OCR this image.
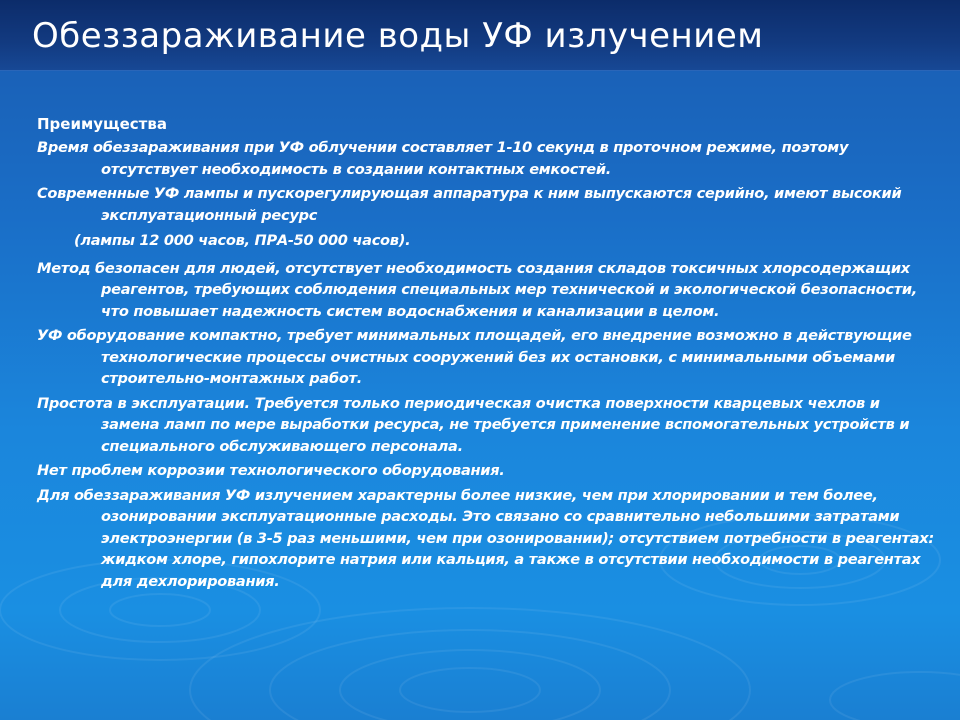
Обеззараживание воды УФ излучением

Преимущества

Время обеззараживания при УФ облучении составляет 1-10 секунд в проточном режиме, поэтому отсутствует необходимость в создании контактных емкостей.

Современные УФ лампы и пускорегулирующая аппаратура к ним выпускаются серийно, имеют высокий эксплуатационный ресурс

(лампы 12 000 часов, ПРА-50 000 часов).

Метод безопасен для людей, отсутствует необходимость создания складов токсичных хлорсодержащих реагентов, требующих соблюдения специальных мер технической и экологической безопасности, что повышает надежность систем водоснабжения и канализации в целом.

УФ оборудование компактно, требует минимальных площадей, его внедрение возможно в действующие технологические процессы очистных сооружений без их остановки, с минимальными объемами строительно-монтажных работ.

Простота в эксплуатации. Требуется только периодическая очистка поверхности кварцевых чехлов и замена ламп по мере выработки ресурса, не требуется применение вспомогательных устройств и специального обслуживающего персонала.

Нет проблем коррозии технологического оборудования.

Для обеззараживания УФ излучением характерны более низкие, чем при хлорировании и тем более, озонировании эксплуатационные расходы. Это связано со сравнительно небольшими затратами электроэнергии (в 3-5 раз меньшими, чем при озонировании); отсутствием потребности в реагентах: жидком хлоре, гипохлорите натрия или кальция, а также в отсутствии необходимости в реагентах для дехлорирования.
